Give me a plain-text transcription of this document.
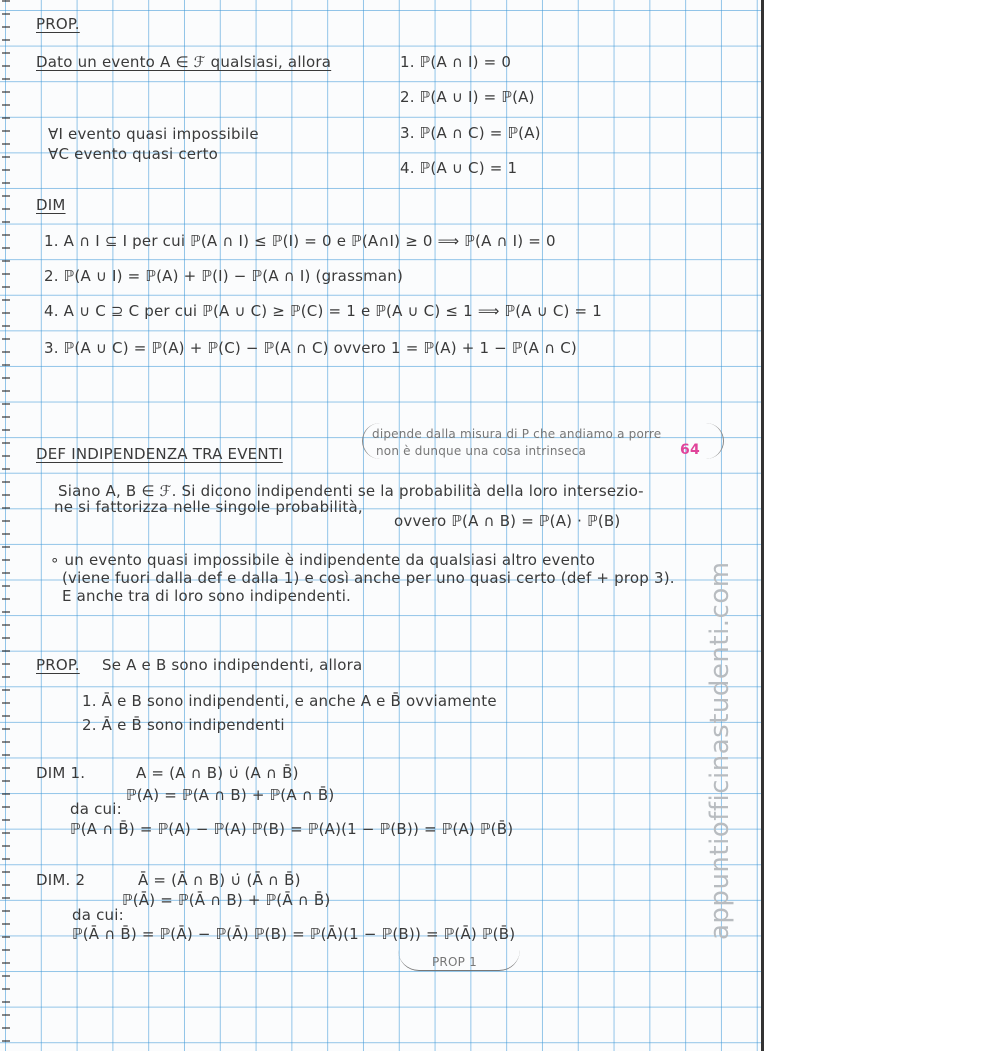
PROP.
Dato un evento A ∈ ℱ qualsiasi, allora	1. ℙ(A ∩ I) = 0
2. ℙ(A ∪ I) = ℙ(A)
3. ℙ(A ∩ C) = ℙ(A)
4. ℙ(A ∪ C) = 1
∀I evento quasi impossibile
∀C evento quasi certo
DIM
1. A ∩ I ⊆ I per cui ℙ(A ∩ I) ≤ ℙ(I) = 0 e ℙ(A∩I) ≥ 0 ⟹ ℙ(A ∩ I) = 0
2. ℙ(A ∪ I) = ℙ(A) + ℙ(I) − ℙ(A ∩ I) (grassman)
4. A ∪ C ⊇ C per cui ℙ(A ∪ C) ≥ ℙ(C) = 1 e ℙ(A ∪ C) ≤ 1 ⟹ ℙ(A ∪ C) = 1
3. ℙ(A ∪ C) = ℙ(A) + ℙ(C) − ℙ(A ∩ C) ovvero 1 = ℙ(A) + 1 − ℙ(A ∩ C)
DEF INDIPENDENZA TRA EVENTI
dipende dalla misura di P che andiamo a porre
non è dunque una cosa intrinseca	64
Siano A, B ∈ ℱ. Si dicono indipendenti se la probabilità della loro interseziо-
ne si fattorizza nelle singole probabilità,
ovvero ℙ(A ∩ B) = ℙ(A) · ℙ(B)
∘ un evento quasi impossibile è indipendente da qualsiasi altro evento
(viene fuori dalla def e dalla 1) e così anche per uno quasi certo (def + prop 3).
E anche tra di loro sono indipendenti.
PROP. Se A e B sono indipendenti, allora
1. Ā e B sono indipendenti, e anche A e B̄ ovviamente
2. Ā e B̄ sono indipendenti
DIM 1.	A = (A ∩ B) ∪̇ (A ∩ B̄)
ℙ(A) = ℙ(A ∩ B) + ℙ(A ∩ B̄)
da cui:
ℙ(A ∩ B̄) = ℙ(A) − ℙ(A) ℙ(B) = ℙ(A)(1 − ℙ(B)) = ℙ(A) ℙ(B̄)
DIM. 2	Ā = (Ā ∩ B) ∪̇ (Ā ∩ B̄)
ℙ(Ā) = ℙ(Ā ∩ B) + ℙ(Ā ∩ B̄)
da cui:
ℙ(Ā ∩ B̄) = ℙ(Ā) − ℙ(Ā) ℙ(B) = ℙ(Ā)(1 − ℙ(B)) = ℙ(Ā) ℙ(B̄)
PROP 1
appuntiofficinastudenti.com
